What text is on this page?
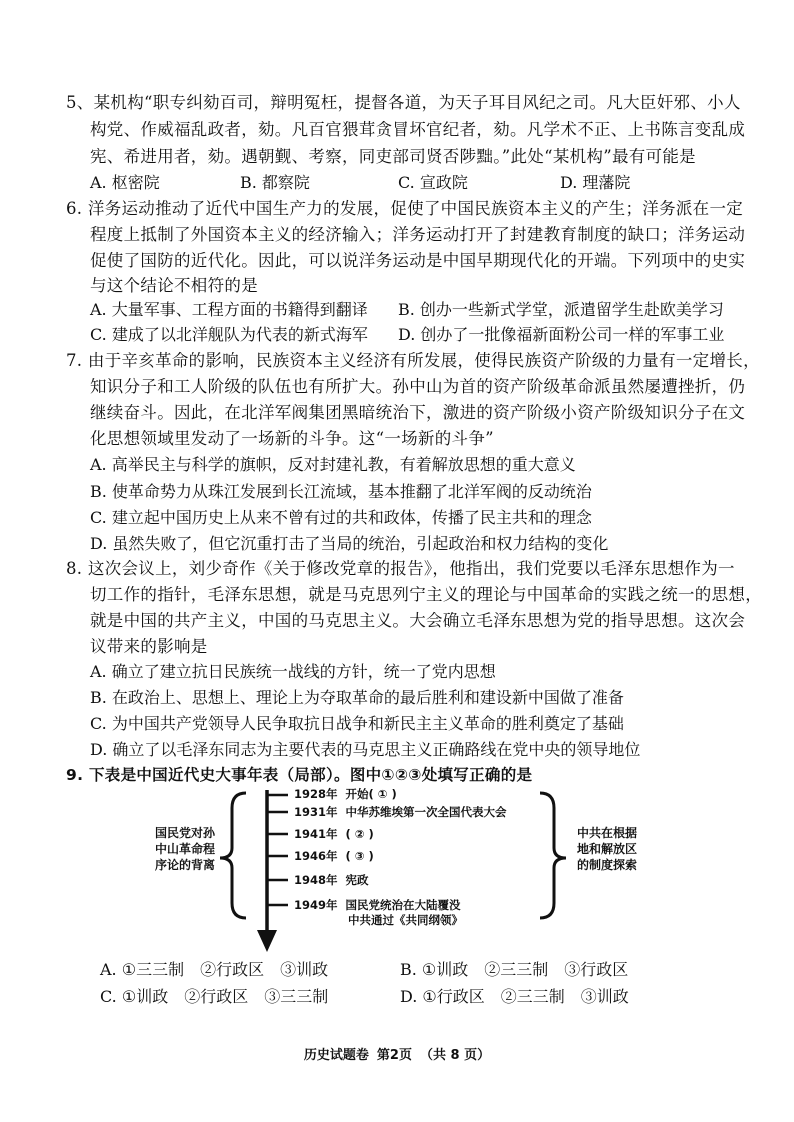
5、某机构“职专纠劾百司，辩明冤枉，提督各道，为天子耳目风纪之司。凡大臣奸邪、小人
构党、作威福乱政者，劾。凡百官猥茸贪冒坏官纪者，劾。凡学术不正、上书陈言变乱成
宪、希进用者，劾。遇朝觐、考察，同吏部司贤否陟黜。”此处“某机构”最有可能是
A. 枢密院	B. 都察院	C. 宣政院	D. 理藩院
6. 洋务运动推动了近代中国生产力的发展，促使了中国民族资本主义的产生；洋务派在一定
程度上抵制了外国资本主义的经济输入；洋务运动打开了封建教育制度的缺口；洋务运动
促使了国防的近代化。因此，可以说洋务运动是中国早期现代化的开端。下列项中的史实
与这个结论不相符的是
A. 大量军事、工程方面的书籍得到翻译 B. 创办一些新式学堂，派遣留学生赴欧美学习
C. 建成了以北洋舰队为代表的新式海军 D. 创办了一批像福新面粉公司一样的军事工业
7. 由于辛亥革命的影响，民族资本主义经济有所发展，使得民族资产阶级的力量有一定增长，
知识分子和工人阶级的队伍也有所扩大。孙中山为首的资产阶级革命派虽然屡遭挫折，仍
继续奋斗。因此，在北洋军阀集团黑暗统治下，激进的资产阶级小资产阶级知识分子在文
化思想领域里发动了一场新的斗争。这“一场新的斗争”
A. 高举民主与科学的旗帜，反对封建礼教，有着解放思想的重大意义
B. 使革命势力从珠江发展到长江流域，基本推翻了北洋军阀的反动统治
C. 建立起中国历史上从来不曾有过的共和政体，传播了民主共和的理念
D. 虽然失败了，但它沉重打击了当局的统治，引起政治和权力结构的变化
8. 这次会议上，刘少奇作《关于修改党章的报告》，他指出，我们党要以毛泽东思想作为一
切工作的指针，毛泽东思想，就是马克思列宁主义的理论与中国革命的实践之统一的思想，
就是中国的共产主义，中国的马克思主义。大会确立毛泽东思想为党的指导思想。这次会
议带来的影响是
A. 确立了建立抗日民族统一战线的方针，统一了党内思想
B. 在政治上、思想上、理论上为夺取革命的最后胜利和建设新中国做了准备
C. 为中国共产党领导人民争取抗日战争和新民主主义革命的胜利奠定了基础
D. 确立了以毛泽东同志为主要代表的马克思主义正确路线在党中央的领导地位
9. 下表是中国近代史大事年表（局部）。图中①②③处填写正确的是
国民党对孙中山革命程序论的背离
中共在根据地和解放区的制度探索
1928年 开始( ① )
1931年 中华苏维埃第一次全国代表大会
1941年 ( ② )
1946年 ( ③ )
1948年 宪政
1949年 国民党统治在大陆覆没
中共通过《共同纲领》
A. ①三三制　②行政区　③训政	B. ①训政　②三三制　③行政区
C. ①训政　②行政区　③三三制	D. ①行政区　②三三制　③训政
历史试题卷 第2页 （共 8 页）
